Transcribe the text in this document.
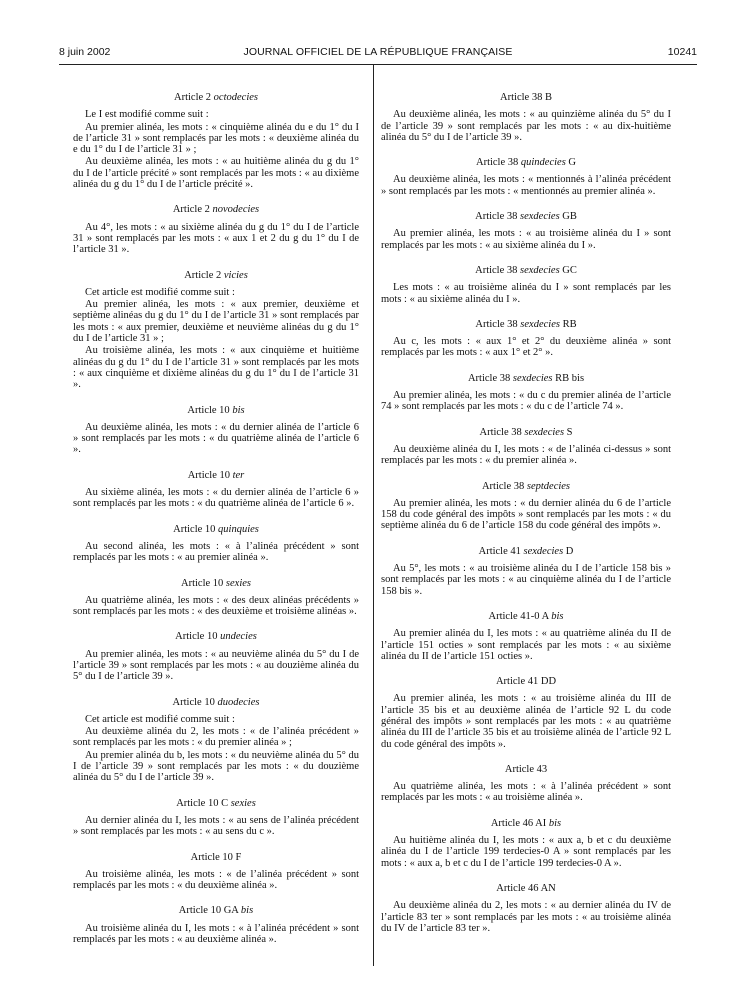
8 juin 2002	JOURNAL OFFICIEL DE LA RÉPUBLIQUE FRANÇAISE	10241
Article 2 octodecies

Le I est modifié comme suit :

Au premier alinéa, les mots : « cinquième alinéa du e du 1° du I de l’article 31 » sont remplacés par les mots : « deuxième alinéa du e du 1° du I de l’article 31 » ;

Au deuxième alinéa, les mots : « au huitième alinéa du g du 1° du I de l’article précité » sont remplacés par les mots : « au dixième alinéa du g du 1° du I de l’article précité ».

Article 2 novodecies

Au 4°, les mots : « au sixième alinéa du g du 1° du I de l’article 31 » sont remplacés par les mots : « aux 1 et 2 du g du 1° du I de l’article 31 ».

Article 2 vicies

Cet article est modifié comme suit :

Au premier alinéa, les mots : « aux premier, deuxième et septième alinéas du g du 1° du I de l’article 31 » sont remplacés par les mots : « aux premier, deuxième et neuvième alinéas du g du 1° du I de l’article 31 » ;

Au troisième alinéa, les mots : « aux cinquième et huitième alinéas du g du 1° du I de l’article 31 » sont remplacés par les mots : « aux cinquième et dixième alinéas du g du 1° du I de l’article 31 ».

Article 10 bis

Au deuxième alinéa, les mots : « du dernier alinéa de l’article 6 » sont remplacés par les mots : « du quatrième alinéa de l’article 6 ».

Article 10 ter

Au sixième alinéa, les mots : « du dernier alinéa de l’article 6 » sont remplacés par les mots : « du quatrième alinéa de l’article 6 ».

Article 10 quinquies

Au second alinéa, les mots : « à l’alinéa précédent » sont remplacés par les mots : « au premier alinéa ».

Article 10 sexies

Au quatrième alinéa, les mots : « des deux alinéas précédents » sont remplacés par les mots : « des deuxième et troisième alinéas ».

Article 10 undecies

Au premier alinéa, les mots : « au neuvième alinéa du 5° du I de l’article 39 » sont remplacés par les mots : « au douzième alinéa du 5° du I de l’article 39 ».

Article 10 duodecies

Cet article est modifié comme suit :

Au deuxième alinéa du 2, les mots : « de l’alinéa précédent » sont remplacés par les mots : « du premier alinéa » ;

Au premier alinéa du b, les mots : « du neuvième alinéa du 5° du I de l’article 39 » sont remplacés par les mots : « du douzième alinéa du 5° du I de l’article 39 ».

Article 10 C sexies

Au dernier alinéa du I, les mots : « au sens de l’alinéa précédent » sont remplacés par les mots : « au sens du c ».

Article 10 F

Au troisième alinéa, les mots : « de l’alinéa précédent » sont remplacés par les mots : « du deuxième alinéa ».

Article 10 GA bis

Au troisième alinéa du I, les mots : « à l’alinéa précédent » sont remplacés par les mots : « au deuxième alinéa ».

Article 38 B

Au deuxième alinéa, les mots : « au quinzième alinéa du 5° du I de l’article 39 » sont remplacés par les mots : « au dix-huitième alinéa du 5° du I de l’article 39 ».

Article 38 quindecies G

Au deuxième alinéa, les mots : « mentionnés à l’alinéa précédent » sont remplacés par les mots : « mentionnés au premier alinéa ».

Article 38 sexdecies GB

Au premier alinéa, les mots : « au troisième alinéa du I » sont remplacés par les mots : « au sixième alinéa du I ».

Article 38 sexdecies GC

Les mots : « au troisième alinéa du I » sont remplacés par les mots : « au sixième alinéa du I ».

Article 38 sexdecies RB

Au c, les mots : « aux 1° et 2° du deuxième alinéa » sont remplacés par les mots : « aux 1° et 2° ».

Article 38 sexdecies RB bis

Au premier alinéa, les mots : « du c du premier alinéa de l’article 74 » sont remplacés par les mots : « du c de l’article 74 ».

Article 38 sexdecies S

Au deuxième alinéa du I, les mots : « de l’alinéa ci-dessus » sont remplacés par les mots : « du premier alinéa ».

Article 38 septdecies

Au premier alinéa, les mots : « du dernier alinéa du 6 de l’article 158 du code général des impôts » sont remplacés par les mots : « du septième alinéa du 6 de l’article 158 du code général des impôts ».

Article 41 sexdecies D

Au 5°, les mots : « au troisième alinéa du I de l’article 158 bis » sont remplacés par les mots : « au cinquième alinéa du I de l’article 158 bis ».

Article 41-0 A bis

Au premier alinéa du I, les mots : « au quatrième alinéa du II de l’article 151 octies » sont remplacés par les mots : « au sixième alinéa du II de l’article 151 octies ».

Article 41 DD

Au premier alinéa, les mots : « au troisième alinéa du III de l’article 35 bis et au deuxième alinéa de l’article 92 L du code général des impôts » sont remplacés par les mots : « au quatrième alinéa du III de l’article 35 bis et au troisième alinéa de l’article 92 L du code général des impôts ».

Article 43

Au quatrième alinéa, les mots : « à l’alinéa précédent » sont remplacés par les mots : « au troisième alinéa ».

Article 46 AI bis

Au huitième alinéa du I, les mots : « aux a, b et c du deuxième alinéa du I de l’article 199 terdecies-0 A » sont remplacés par les mots : « aux a, b et c du I de l’article 199 terdecies-0 A ».

Article 46 AN

Au deuxième alinéa du 2, les mots : « au dernier alinéa du IV de l’article 83 ter » sont remplacés par les mots : « au troisième alinéa du IV de l’article 83 ter ».
